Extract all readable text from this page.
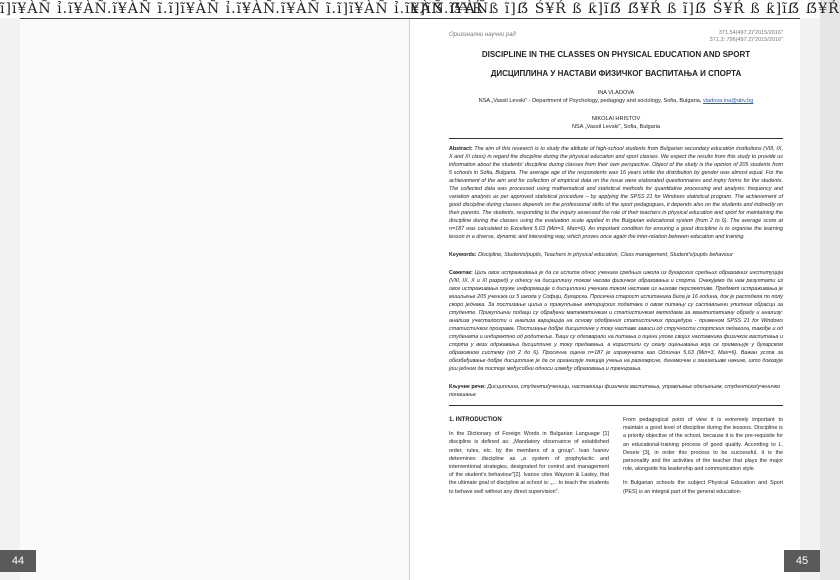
ĩ]ĩ¥ÀÑ ỉ.ĩ¥ÀÑ.ĩ¥ÀÑ ĩ.ĩ]ĩ¥ÀÑ ỉ.ĩ¥ÀÑ.ĩ¥ÀÑ ĩ.ĩ]ĩ¥ÀÑ ỉ.ĩ¥ÀÑ.ĩ¥ÀÑ
ƙ]ĩẞ ẞ¥Ŕ ß ĩ]ẞ Ś¥Ŕ ß ƙ]ĩẞ ẞ¥Ŕ ß ĩ]ẞ Ś¥Ŕ ß ƙ]ĩẞ ẞ¥Ŕ
44	45
Оригинални научни рад	371.54(497.2)"2015/2016"
371.3::796(497.2)"2015/2016"
DISCIPLINE IN THE CLASSES ON PHYSICAL EDUCATION AND SPORT
ДИСЦИПЛИНА У НАСТАВИ ФИЗИЧКОГ ВАСПИТАЊА И СПОРТА
INA VLADOVA
NSA „Vassil Levski" - Department of Psychology, pedagogy and sociology, Sofia, Bulgaria, vladova.ina@abv.bg
NIKOLAI HRISTOV
NSA „Vassil Levski", Sofia, Bulgaria
Abstract: The aim of this research is to study the attitude of high-school students from Bulgarian secondary education institutions (VIII, IX, X and XI class) in regard the discipline during the physical education and sport classes. We expect the results from this study to provide us information about the students' discipline during classes from their own perspective. Object of the study is the opinion of 205 students from 5 schools in Sofia, Bulgaria. The average age of the respondents was 16 years while the distribution by gender was almost equal. For the achievement of the aim and for collection of empirical data on the issue were elaborated questionnaires and inqiry forms for the students. The collected data was processed using mathematical and statistical methods for quantitative processing and analysis: frequency and variation analysis as per approved statistical procedure – by applying the SPSS 21 for Windows statistical program. The achievement of good discipline during classes depends on the professional skills of the sport pedagogues, it depends also on the students and indirectly on their parents. The students, responding to the inquiry assessed the role of their teachers in physical education and sport for maintaining the discipline during the classes using the evaluation scale applied in the Bulgarian educational system (from 2 to 6). The average score at n=187 was calculated to Excellent 5.63 (Min=3, Max=6). An important condition for ensuring a good discipline is to organise the learning lesson in a diverse, dynamic and interesting way, which proves once again the inter-relation between education and training.
Keywords: Discipline, Students/pupils, Teachers in physical education, Class management, Student's/pupils behaviour
Сажетак: Циљ овог истраживања је да се испита однос ученика средњих школа из бугарских средњих образовних институција (VIII, IX, X и XI разред) у односу на дисциплину током часова физичког образовања и спорта. Очекујемо да нам резултати из овог истраживања пруже информације о дисциплини ученика током наставе из њихове перспективе. Предмет истраживања је мишљење 205 ученика из 5 школа у Софији, Бугарска. Просечна старост испитаника била је 16 година, док је расподела по полу скоро једнака. За постизање циља и прикупљање емпиријских података о овом питању су састављени упитник обрасци за студенте. Прикупљени подаци су обрађени математичким и статистичким методама за квантитативну обраду и анализу: анализа учесталости и анализа варијација на основу одобрених статистичких процедура - применом SPSS 21 for Windows статистичког програма. Постизање добре дисциплине у току наставе зависи од стручности спортских педагога, такође и од студената и индиректно од родитеља. Ђаци су одговарали на питања о оцени улоге својих наставника физичког васпитања и спорта у вези одржавања дисциплине у току предавања, а користили су скалу оцењивања која се примењује у бугарском образовном систему (од 2 до 6). Просечна оцена n=187 је израчуната као Одличан 5,63 (Min=3, Max=6). Важан услов за обезбеђивање добре дисциплине је да се организује лекција учења на разноврсне, динамичне и занимљиве начине, што доказује још једном да постоје међусобни односи између образовања и тренирања.
Кључне речи: Дисциплина, студенти/ученици, наставници физичког васпитања, управљање одељењем, студентско/ученичко понашање
1. INTRODUCTION

In the Dictionary of Foreign Words in Bulgarian Language [1] discipline is defined as: „Mandatory observance of established order, rules, etc. by the members of a group". Ivan Ivanov determines discipline as „a system of prophylactic and interventional strategies, designated for control and management of the student's behaviour"[2]. Ivanov cites Wayson & Lasley, that the ultimate goal of discipline at school is: „... to teach the students to behave well without any direct supervision".

From pedagogical point of view it is extremely important to maintain a good level of discipline during the lessons. Discipline is a priority objective of the school, because it is the pre-requisite for an educational-training process of good quality. According to L. Deseiv [3], in order this process to be successful, it is the personality and the activities of the teacher that plays the major role, alongside his leadership and communication style.

In Bulgarian schools the subject Physical Education and Sport (PES) is an integral part of the general education-
